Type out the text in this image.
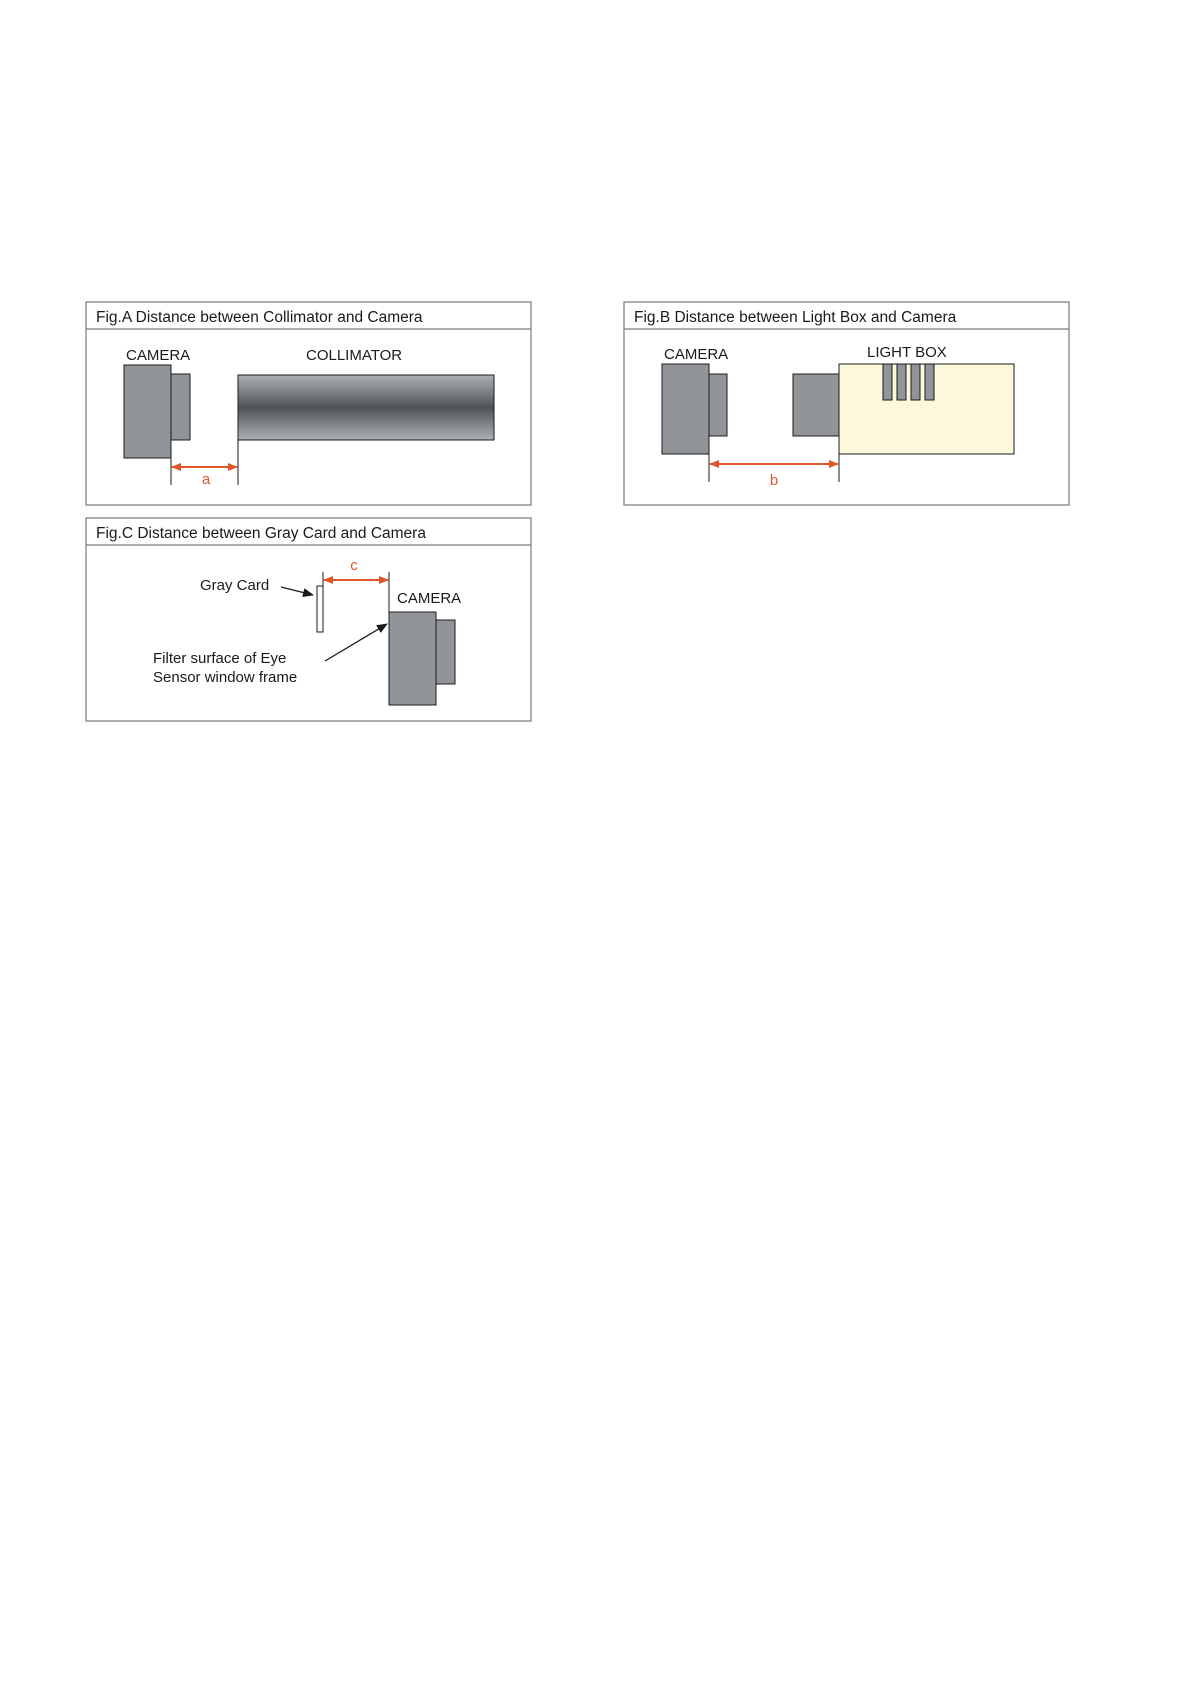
Fig.A Distance between Collimator and Camera
CAMERA	COLLIMATOR
a
Fig.B Distance between Light Box and Camera
CAMERA	LIGHT BOX
b
Fig.C Distance between Gray Card and Camera
c
Gray Card
CAMERA
Filter surface of Eye
Sensor window frame
